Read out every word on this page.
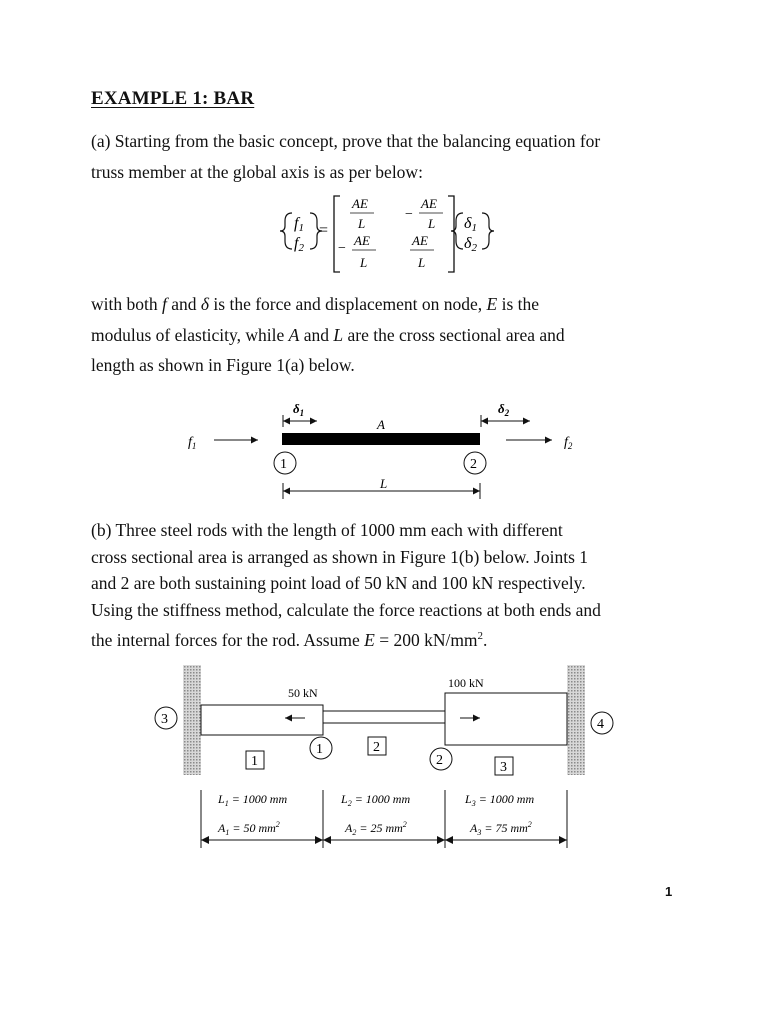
EXAMPLE 1: BAR
(a) Starting from the basic concept, prove that the balancing equation for
truss member at the global axis is as per below:
f1
f2
=
AE
L
−
AE
L
−
AE
L
AE
L
δ1
δ2
with both f and δ is the force and displacement on node, E is the
modulus of elasticity, while A and L are the cross sectional area and
length as shown in Figure 1(a) below.
$\delta_1$	$\delta_2$
A
$f_1$	$f_2$
1	2
L
(b) Three steel rods with the length of 1000 mm each with different
cross sectional area is arranged as shown in Figure 1(b) below. Joints 1
and 2 are both sustaining point load of 50 kN and 100 kN respectively.
Using the stiffness method, calculate the force reactions at both ends and
the internal forces for the rod. Assume E = 200 $kN/mm^2$.
50 kN
100 kN
3	4
1
2
1
2
3
$L_1 = 1000$ mm
$A_1 = 50$ $mm^2$
$L_2 = 1000$ mm
$A_2 = 25$ $mm^2$
$L_3 = 1000$ mm
$A_3 = 75$ $mm^2$
1
